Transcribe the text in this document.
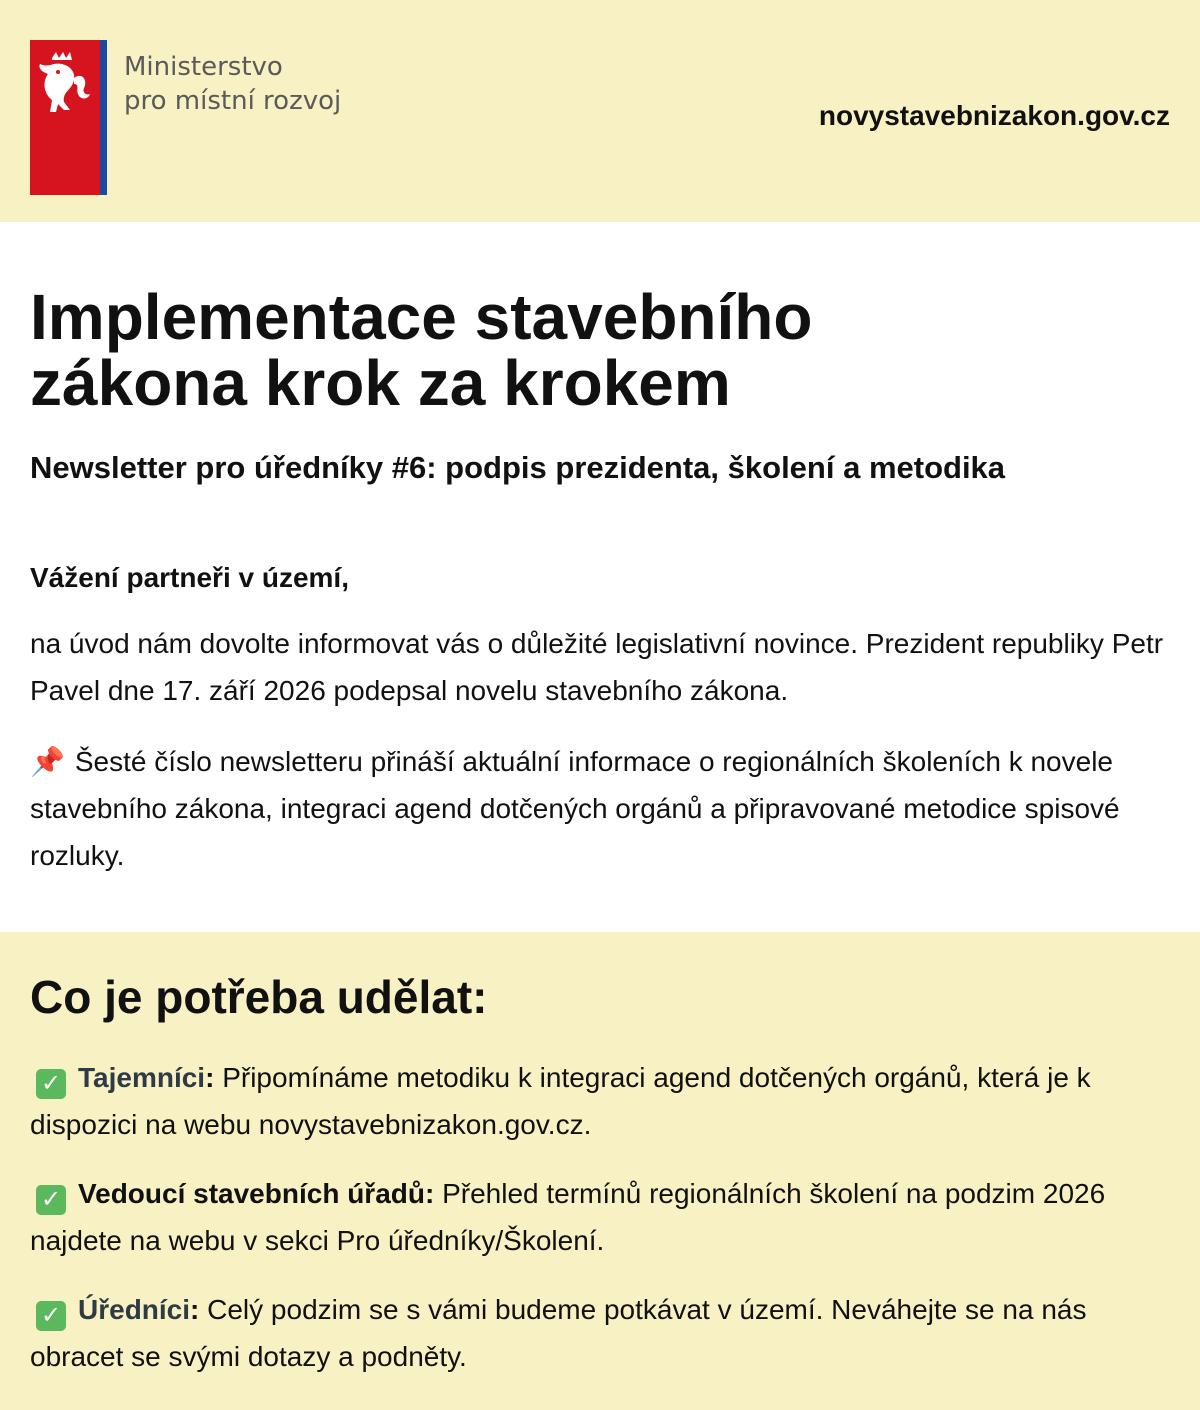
Ministerstvo
pro místní rozvoj	novystavebnizakon.gov.cz
Implementace stavebního
zákona krok za krokem
Newsletter pro úředníky #6: podpis prezidenta, školení a metodika
Vážení partneři v území,
na úvod nám dovolte informovat vás o důležité legislativní novince. Prezident republiky Petr Pavel dne 17. září 2026 podepsal novelu stavebního zákona.
📌 Šesté číslo newsletteru přináší aktuální informace o regionálních školeních k novele stavebního zákona, integraci agend dotčených orgánů a připravované metodice spisové rozluky.
Co je potřeba udělat:
✓ Tajemníci: Připomínáme metodiku k integraci agend dotčených orgánů, která je k dispozici na webu novystavebnizakon.gov.cz.
✓ Vedoucí stavebních úřadů: Přehled termínů regionálních školení na podzim 2026 najdete na webu v sekci Pro úředníky/Školení.
✓ Úředníci: Celý podzim se s vámi budeme potkávat v území. Neváhejte se na nás obracet se svými dotazy a podněty.
